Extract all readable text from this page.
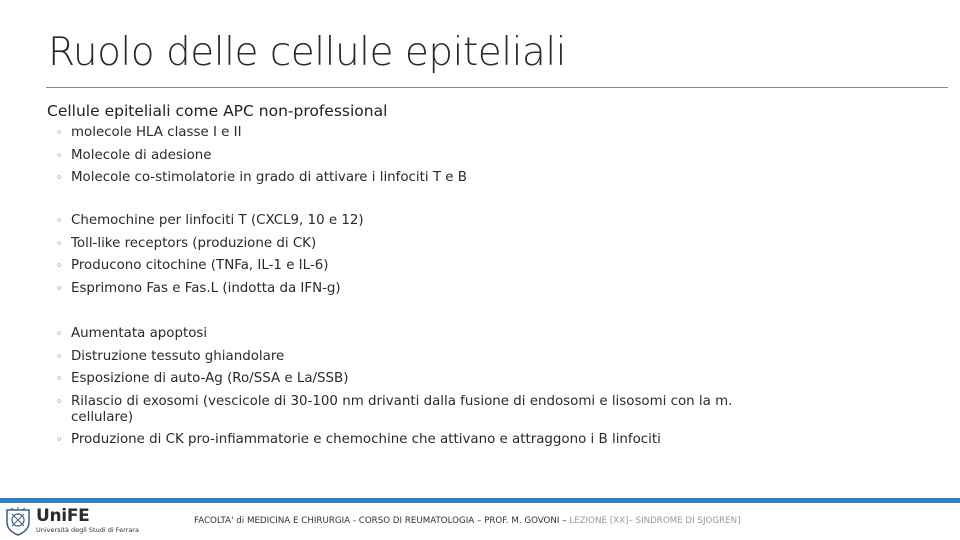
Ruolo delle cellule epiteliali
Cellule epiteliali come APC non-professional
◦ molecole HLA classe I e II
◦ Molecole di adesione
◦ Molecole co-stimolatorie in grado di attivare i linfociti T e B
◦ Chemochine per linfociti T (CXCL9, 10 e 12)
◦ Toll-like receptors (produzione di CK)
◦ Producono citochine (TNFa, IL-1 e IL-6)
◦ Esprimono Fas e Fas.L (indotta da IFN-g)
◦ Aumentata apoptosi
◦ Distruzione tessuto ghiandolare
◦ Esposizione di auto-Ag (Ro/SSA e La/SSB)
◦ Rilascio di exosomi (vescicole di 30-100 nm drivanti dalla fusione di endosomi e lisosomi con la m. cellulare)
◦ Produzione di CK pro-infiammatorie e chemochine che attivano e attraggono i B linfociti
UniFE
Università degli Studi di Ferrara
FACOLTA' di MEDICINA E CHIRURGIA - CORSO DI REUMATOLOGIA – PROF. M. GOVONI – LEZIONE [XX]– SINDROME DI SJOGREN]
